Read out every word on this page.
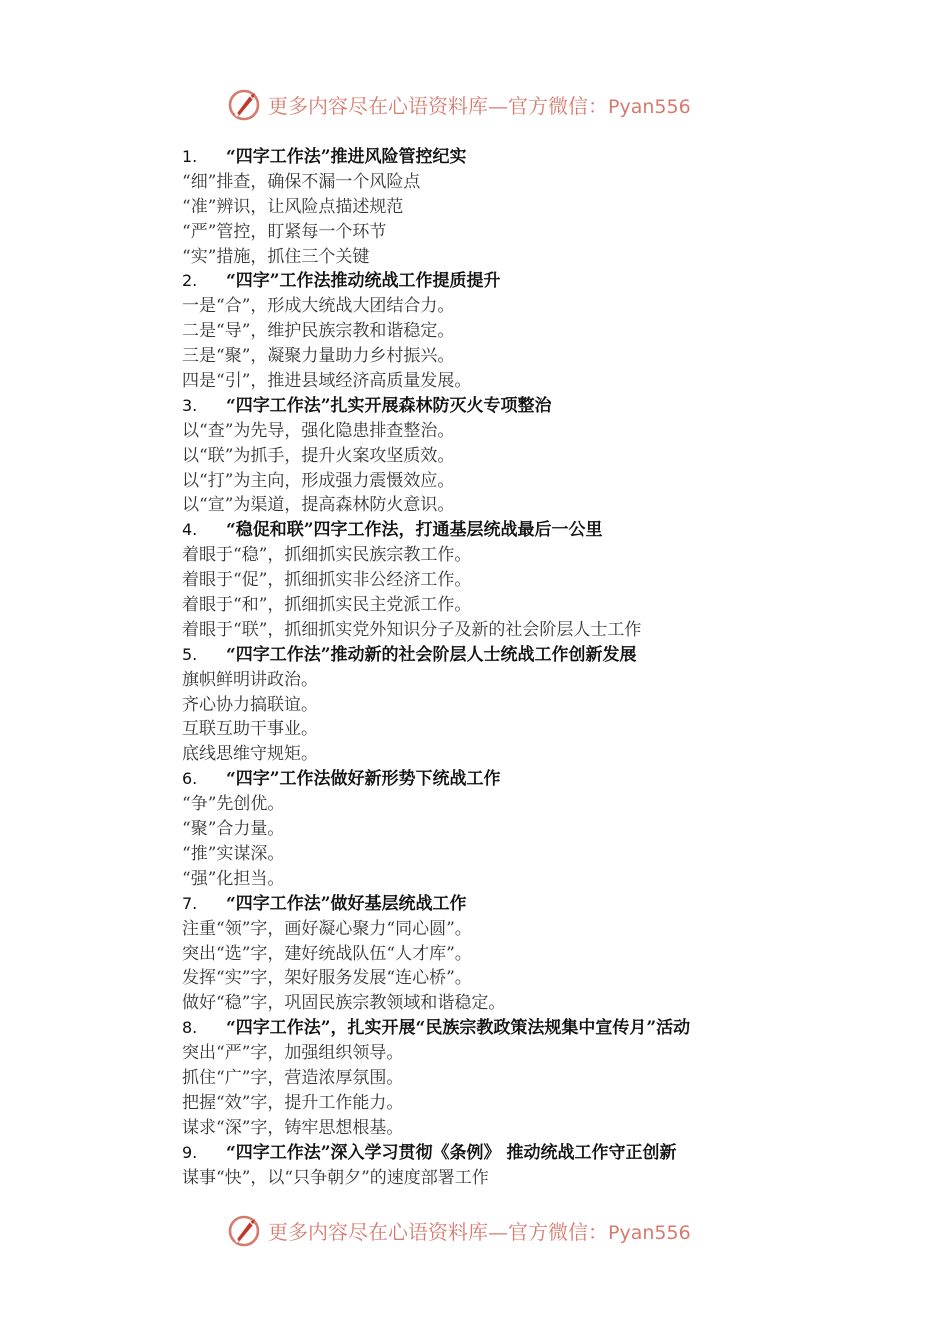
更多内容尽在心语资料库—官方微信：Pyan556
1. “四字工作法”推进风险管控纪实
“细”排查，确保不漏一个风险点
“准”辨识，让风险点描述规范
“严”管控，盯紧每一个环节
“实”措施，抓住三个关键
2. “四字”工作法推动统战工作提质提升
一是“合”，形成大统战大团结合力。
二是“导”，维护民族宗教和谐稳定。
三是“聚”，凝聚力量助力乡村振兴。
四是“引”，推进县域经济高质量发展。
3. “四字工作法”扎实开展森林防灭火专项整治
以“查”为先导，强化隐患排查整治。
以“联”为抓手，提升火案攻坚质效。
以“打”为主向，形成强力震慑效应。
以“宣”为渠道，提高森林防火意识。
4. “稳促和联”四字工作法，打通基层统战最后一公里
着眼于“稳”，抓细抓实民族宗教工作。
着眼于“促”，抓细抓实非公经济工作。
着眼于“和”，抓细抓实民主党派工作。
着眼于“联”，抓细抓实党外知识分子及新的社会阶层人士工作
5. “四字工作法”推动新的社会阶层人士统战工作创新发展
旗帜鲜明讲政治。
齐心协力搞联谊。
互联互助干事业。
底线思维守规矩。
6. “四字”工作法做好新形势下统战工作
“争”先创优。
“聚”合力量。
“推”实谋深。
“强”化担当。
7. “四字工作法”做好基层统战工作
注重“领”字，画好凝心聚力“同心圆”。
突出“选”字，建好统战队伍“人才库”。
发挥“实”字，架好服务发展“连心桥”。
做好“稳”字，巩固民族宗教领域和谐稳定。
8. “四字工作法”，扎实开展“民族宗教政策法规集中宣传月”活动
突出“严”字，加强组织领导。
抓住“广”字，营造浓厚氛围。
把握“效”字，提升工作能力。
谋求“深”字，铸牢思想根基。
9. “四字工作法”深入学习贯彻《条例》 推动统战工作守正创新
谋事“快”，以“只争朝夕”的速度部署工作
更多内容尽在心语资料库—官方微信：Pyan556
